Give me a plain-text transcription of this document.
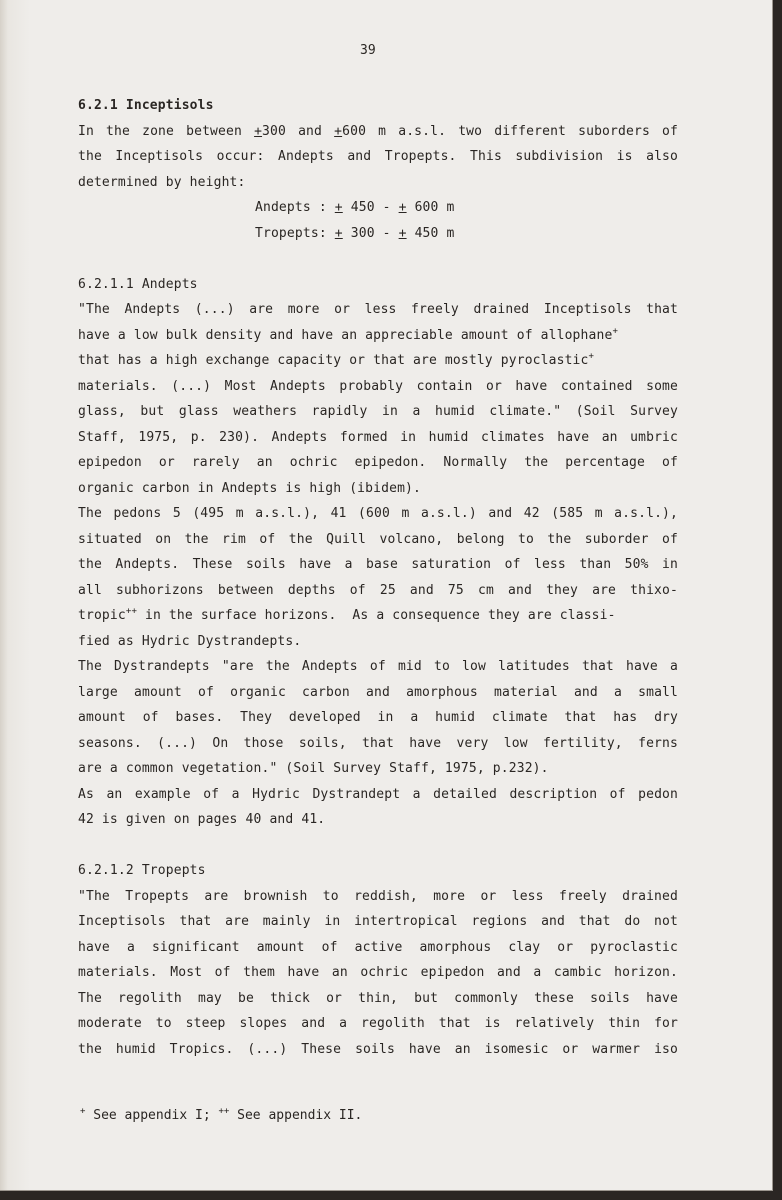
39
6.2.1 Inceptisols
In the zone between +300 and +600 m a.s.l. two different suborders of
the Inceptisols occur: Andepts and Tropepts. This subdivision is also
determined by height:
Andepts : + 450 - + 600 m
Tropepts: + 300 - + 450 m
6.2.1.1 Andepts
"The Andepts (...) are more or less freely drained Inceptisols that
have a low bulk density and have an appreciable amount of allophane+
that has a high exchange capacity or that are mostly pyroclastic+
materials. (...) Most Andepts probably contain or have contained some
glass, but glass weathers rapidly in a humid climate." (Soil Survey
Staff, 1975, p. 230). Andepts formed in humid climates have an umbric
epipedon or rarely an ochric epipedon. Normally the percentage of
organic carbon in Andepts is high (ibidem).
The pedons 5 (495 m a.s.l.), 41 (600 m a.s.l.) and 42 (585 m a.s.l.),
situated on the rim of the Quill volcano, belong to the suborder of
the Andepts. These soils have a base saturation of less than 50% in
all subhorizons between depths of 25 and 75 cm and they are thixo-
tropic++ in the surface horizons.  As a consequence they are classi-
fied as Hydric Dystrandepts.
The Dystrandepts "are the Andepts of mid to low latitudes that have a
large amount of organic carbon and amorphous material and a small
amount of bases. They developed in a humid climate that has dry
seasons. (...) On those soils, that have very low fertility, ferns
are a common vegetation." (Soil Survey Staff, 1975, p.232).
As an example of a Hydric Dystrandept a detailed description of pedon
42 is given on pages 40 and 41.
6.2.1.2 Tropepts
"The Tropepts are brownish to reddish, more or less freely drained
Inceptisols that are mainly in intertropical regions and that do not
have a significant amount of active amorphous clay or pyroclastic
materials. Most of them have an ochric epipedon and a cambic horizon.
The regolith may be thick or thin, but commonly these soils have
moderate to steep slopes and a regolith that is relatively thin for
the humid Tropics. (...) These soils have an isomesic or warmer iso
+ See appendix I; ++ See appendix II.
